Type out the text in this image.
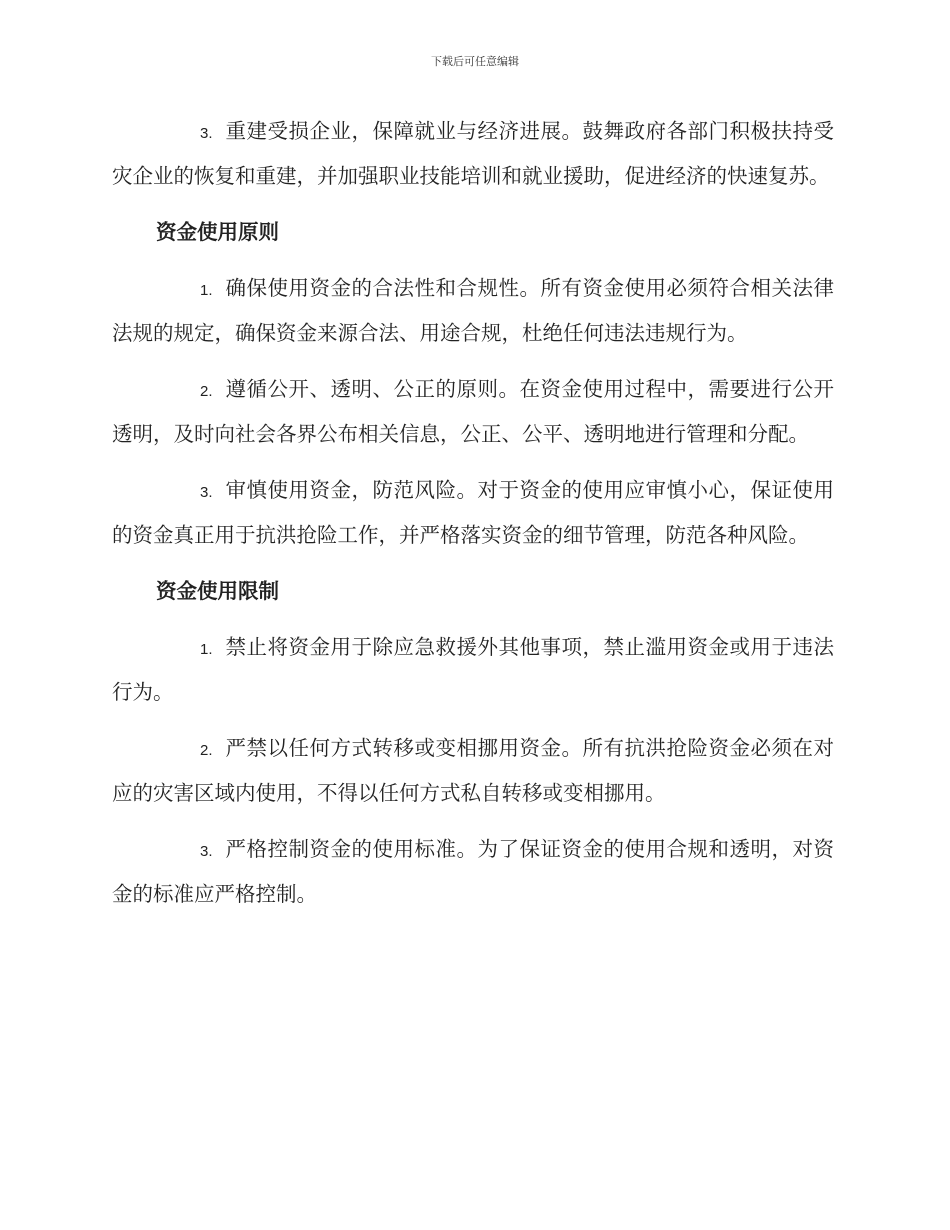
下载后可任意编辑

3. 重建受损企业，保障就业与经济进展。鼓舞政府各部门积极扶持受灾企业的恢复和重建，并加强职业技能培训和就业援助，促进经济的快速复苏。

资金使用原则

1. 确保使用资金的合法性和合规性。所有资金使用必须符合相关法律法规的规定，确保资金来源合法、用途合规，杜绝任何违法违规行为。

2. 遵循公开、透明、公正的原则。在资金使用过程中，需要进行公开透明，及时向社会各界公布相关信息，公正、公平、透明地进行管理和分配。

3. 审慎使用资金，防范风险。对于资金的使用应审慎小心，保证使用的资金真正用于抗洪抢险工作，并严格落实资金的细节管理，防范各种风险。

资金使用限制

1. 禁止将资金用于除应急救援外其他事项，禁止滥用资金或用于违法行为。

2. 严禁以任何方式转移或变相挪用资金。所有抗洪抢险资金必须在对应的灾害区域内使用，不得以任何方式私自转移或变相挪用。

3. 严格控制资金的使用标准。为了保证资金的使用合规和透明，对资金的标准应严格控制。
